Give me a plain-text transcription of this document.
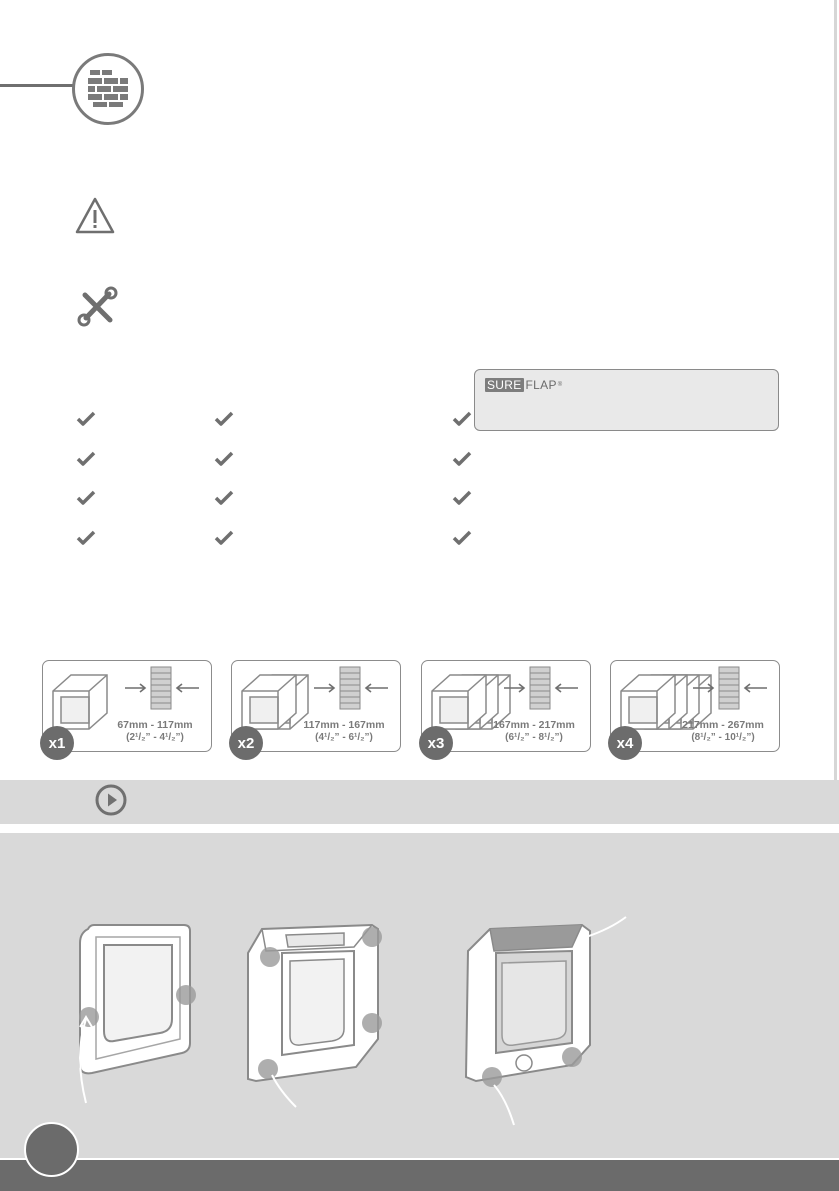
SURE FLAP ®
67mm - 117mm
(2¹/₂” - 4¹/₂”)
x1
117mm - 167mm
(4¹/₂” - 6¹/₂”)
x2
167mm - 217mm
(6¹/₂” - 8¹/₂”)
x3
217mm - 267mm
(8¹/₂” - 10¹/₂”)
x4
